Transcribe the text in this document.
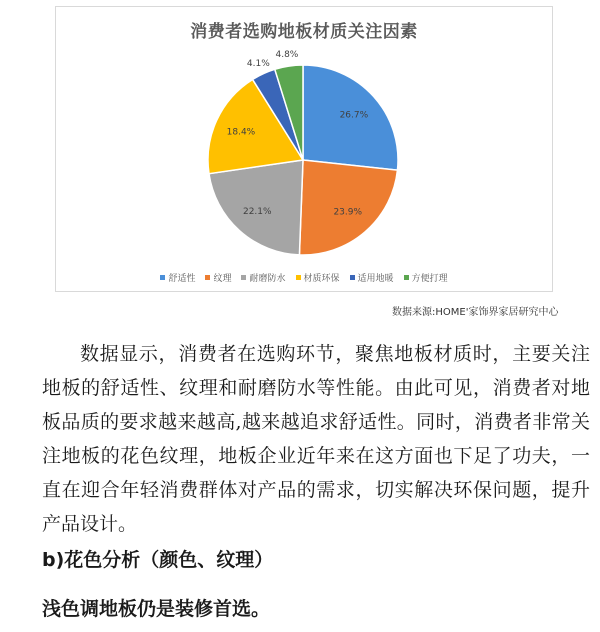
消费者选购地板材质关注因素
26.7%
23.9%
22.1%
18.4%
4.1%
4.8%
舒适性 纹理 耐磨防水 材质环保 适用地暖 方便打理
数据来源:HOME'家饰界家居研究中心

数据显示，消费者在选购环节，聚焦地板材质时，主要关注地板的舒适性、纹理和耐磨防水等性能。由此可见，消费者对地板品质的要求越来越高,越来越追求舒适性。同时，消费者非常关注地板的花色纹理，地板企业近年来在这方面也下足了功夫，一直在迎合年轻消费群体对产品的需求，切实解决环保问题，提升产品设计。

b)花色分析（颜色、纹理）

浅色调地板仍是装修首选。
